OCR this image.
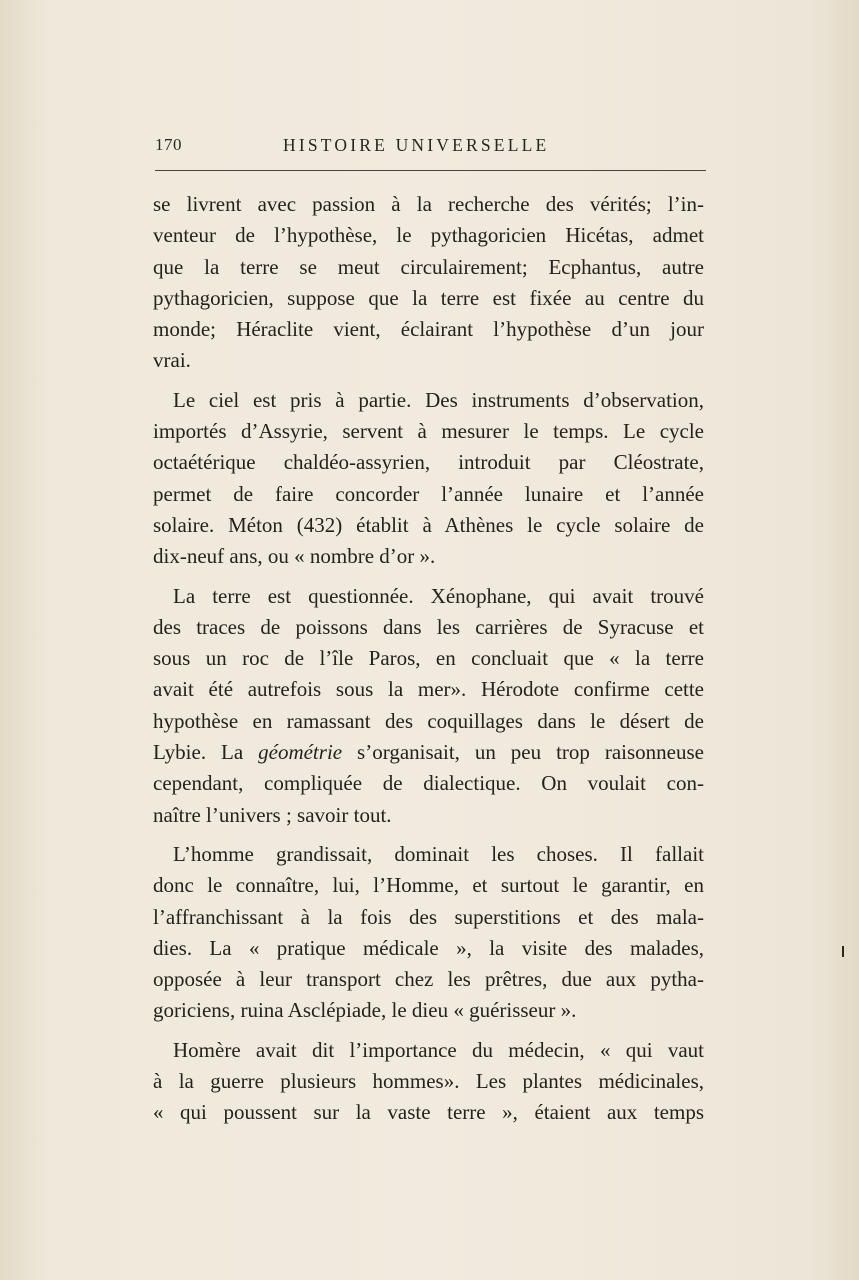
170	HISTOIRE UNIVERSELLE

se livrent avec passion à la recherche des vérités; l’in-
venteur de l’hypothèse, le pythagoricien Hicétas, admet
que la terre se meut circulairement; Ecphantus, autre
pythagoricien, suppose que la terre est fixée au centre du
monde; Héraclite vient, éclairant l’hypothèse d’un jour
vrai.

Le ciel est pris à partie. Des instruments d’observation,
importés d’Assyrie, servent à mesurer le temps. Le cycle
octaétérique chaldéo-assyrien, introduit par Cléostrate,
permet de faire concorder l’année lunaire et l’année
solaire. Méton (432) établit à Athènes le cycle solaire de
dix-neuf ans, ou « nombre d’or ».

La terre est questionnée. Xénophane, qui avait trouvé
des traces de poissons dans les carrières de Syracuse et
sous un roc de l’île Paros, en concluait que « la terre
avait été autrefois sous la mer». Hérodote confirme cette
hypothèse en ramassant des coquillages dans le désert de
Lybie. La géométrie s’organisait, un peu trop raisonneuse
cependant, compliquée de dialectique. On voulait con-
naître l’univers ; savoir tout.

L’homme grandissait, dominait les choses. Il fallait
donc le connaître, lui, l’Homme, et surtout le garantir, en
l’affranchissant à la fois des superstitions et des mala-
dies. La « pratique médicale », la visite des malades,
opposée à leur transport chez les prêtres, due aux pytha-
goriciens, ruina Asclépiade, le dieu « guérisseur ».

Homère avait dit l’importance du médecin, « qui vaut
à la guerre plusieurs hommes». Les plantes médicinales,
« qui poussent sur la vaste terre », étaient aux temps
